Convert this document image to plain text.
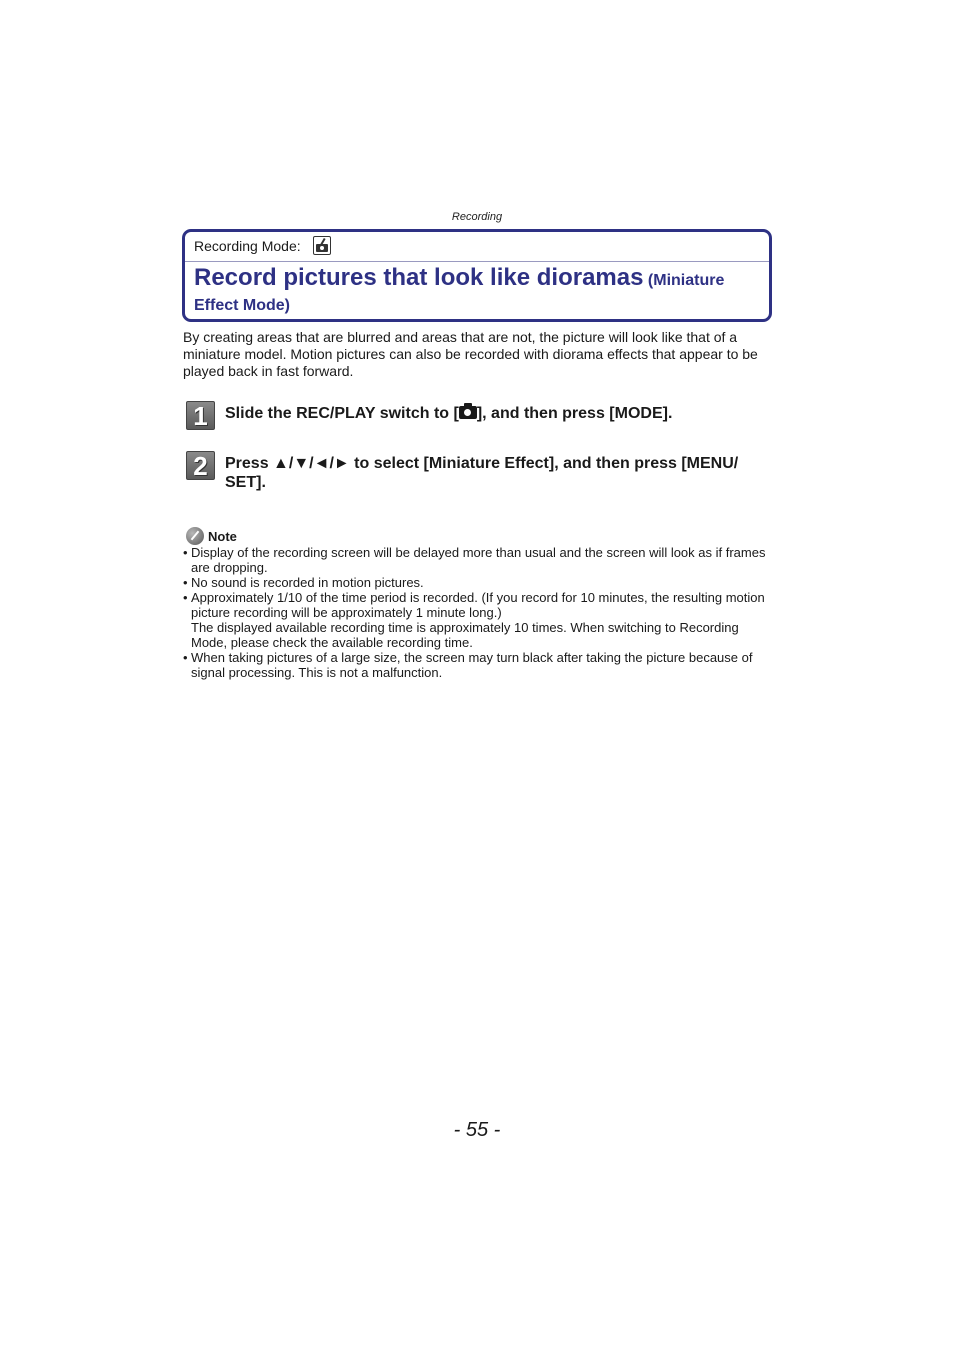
Recording
Recording Mode:
Record pictures that look like dioramas (Miniature Effect Mode)
By creating areas that are blurred and areas that are not, the picture will look like that of a miniature model. Motion pictures can also be recorded with diorama effects that appear to be played back in fast forward.
1	Slide the REC/PLAY switch to [ ], and then press [MODE].
2	Press ▲/▼/◄/► to select [Miniature Effect], and then press [MENU/ SET].
Note
• Display of the recording screen will be delayed more than usual and the screen will look as if frames are dropping.
• No sound is recorded in motion pictures.
• Approximately 1/10 of the time period is recorded. (If you record for 10 minutes, the resulting motion picture recording will be approximately 1 minute long.)
The displayed available recording time is approximately 10 times. When switching to Recording Mode, please check the available recording time.
• When taking pictures of a large size, the screen may turn black after taking the picture because of signal processing. This is not a malfunction.
- 55 -
